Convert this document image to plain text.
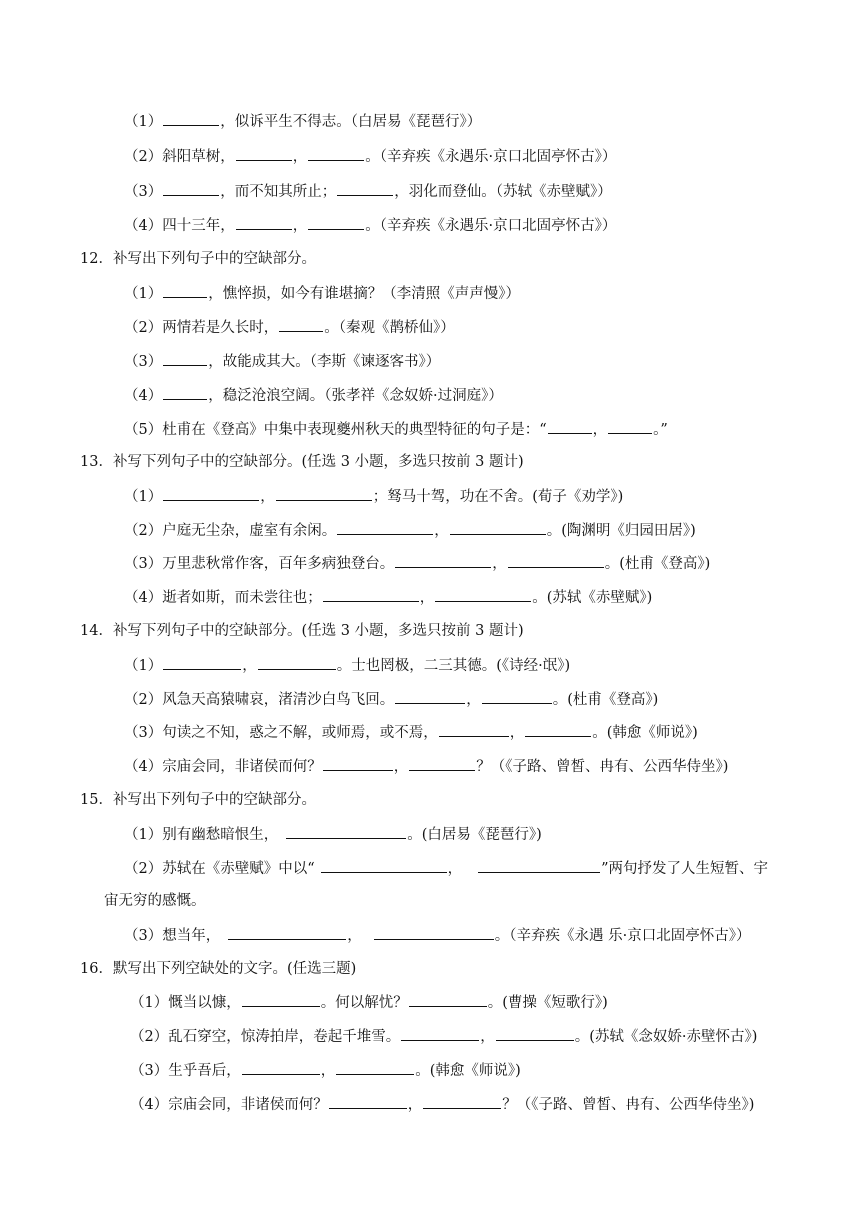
（1）	，似诉平生不得志。（白居易《琵琶行》）
（2）斜阳草树，	，	。（辛弃疾《永遇乐·京口北固亭怀古》）
（3）	，而不知其所止；	，羽化而登仙。（苏轼《赤壁赋》）
（4）四十三年，	，	。（辛弃疾《永遇乐·京口北固亭怀古》）
12．补写出下列句子中的空缺部分。
（1）	，憔悴损，如今有谁堪摘？（李清照《声声慢》）
（2）两情若是久长时，	。（秦观《鹊桥仙》）
（3）	，故能成其大。（李斯《谏逐客书》）
（4）	，稳泛沧浪空阔。（张孝祥《念奴娇·过洞庭》）
（5）杜甫在《登高》中集中表现夔州秋天的典型特征的句子是：“	，	。”
13．补写下列句子中的空缺部分。(任选 3 小题，多选只按前 3 题计)
（1）	，	；驽马十驾，功在不舍。(荀子《劝学》)
（2）户庭无尘杂，虚室有余闲。	，	。(陶渊明《归园田居》)
（3）万里悲秋常作客，百年多病独登台。	，	。(杜甫《登高》)
（4）逝者如斯，而未尝往也；	，	。(苏轼《赤壁赋》)
14．补写下列句子中的空缺部分。(任选 3 小题，多选只按前 3 题计)
（1）	，	。士也罔极，二三其德。(《诗经·氓》)
（2）风急天高猿啸哀，渚清沙白鸟飞回。	，	。(杜甫《登高》)
（3）句读之不知，惑之不解，或师焉，或不焉，	，	。(韩愈《师说》)
（4）宗庙会同，非诸侯而何？	，	？（《子路、曾皙、冉有、公西华侍坐》)
15．补写出下列句子中的空缺部分。
（1）别有幽愁暗恨生，	。(白居易《琵琶行》)
（2）苏轼在《赤壁赋》中以“	，	”两句抒发了人生短暂、宇
宙无穷的感慨。
（3）想当年，	，	。（辛弃疾《永遇 乐·京口北固亭怀古》）
16．默写出下列空缺处的文字。(任选三题)
（1）慨当以慷，	。何以解忧？	。(曹操《短歌行》)
（2）乱石穿空，惊涛拍岸，卷起千堆雪。	，	。(苏轼《念奴娇·赤壁怀古》)
（3）生乎吾后，	，	。(韩愈《师说》)
（4）宗庙会同，非诸侯而何？	，	？（《子路、曾皙、冉有、公西华侍坐》)
